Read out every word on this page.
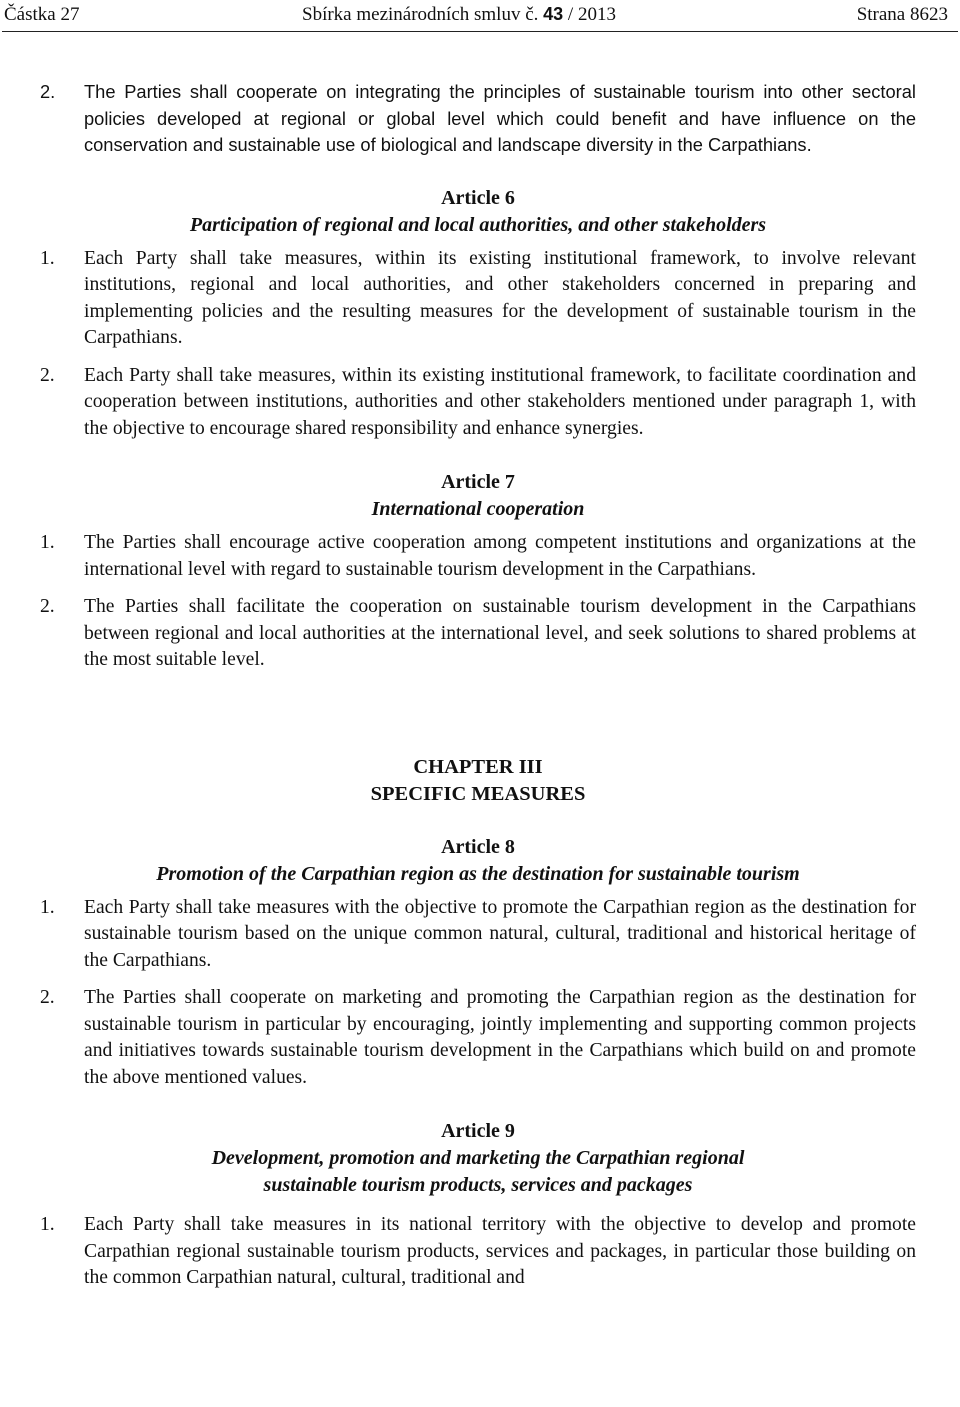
Částka 27	Sbírka mezinárodních smluv č. 43 / 2013	Strana 8623

2. The Parties shall cooperate on integrating the principles of sustainable tourism into other sectoral policies developed at regional or global level which could benefit and have influence on the conservation and sustainable use of biological and landscape diversity in the Carpathians.

Article 6

Participation of regional and local authorities, and other stakeholders

1. Each Party shall take measures, within its existing institutional framework, to involve relevant institutions, regional and local authorities, and other stakeholders concerned in preparing and implementing policies and the resulting measures for the development of sustainable tourism in the Carpathians.

2. Each Party shall take measures, within its existing institutional framework, to facilitate coordination and cooperation between institutions, authorities and other stakeholders mentioned under paragraph 1, with the objective to encourage shared responsibility and enhance synergies.

Article 7

International cooperation

1. The Parties shall encourage active cooperation among competent institutions and organizations at the international level with regard to sustainable tourism development in the Carpathians.

2. The Parties shall facilitate the cooperation on sustainable tourism development in the Carpathians between regional and local authorities at the international level, and seek solutions to shared problems at the most suitable level.

CHAPTER III

SPECIFIC MEASURES

Article 8

Promotion of the Carpathian region as the destination for sustainable tourism

1. Each Party shall take measures with the objective to promote the Carpathian region as the destination for sustainable tourism based on the unique common natural, cultural, traditional and historical heritage of the Carpathians.

2. The Parties shall cooperate on marketing and promoting the Carpathian region as the destination for sustainable tourism in particular by encouraging, jointly implementing and supporting common projects and initiatives towards sustainable tourism development in the Carpathians which build on and promote the above mentioned values.

Article 9

Development, promotion and marketing the Carpathian regional

sustainable tourism products, services and packages

1. Each Party shall take measures in its national territory with the objective to develop and promote Carpathian regional sustainable tourism products, services and packages, in particular those building on the common Carpathian natural, cultural, traditional and
